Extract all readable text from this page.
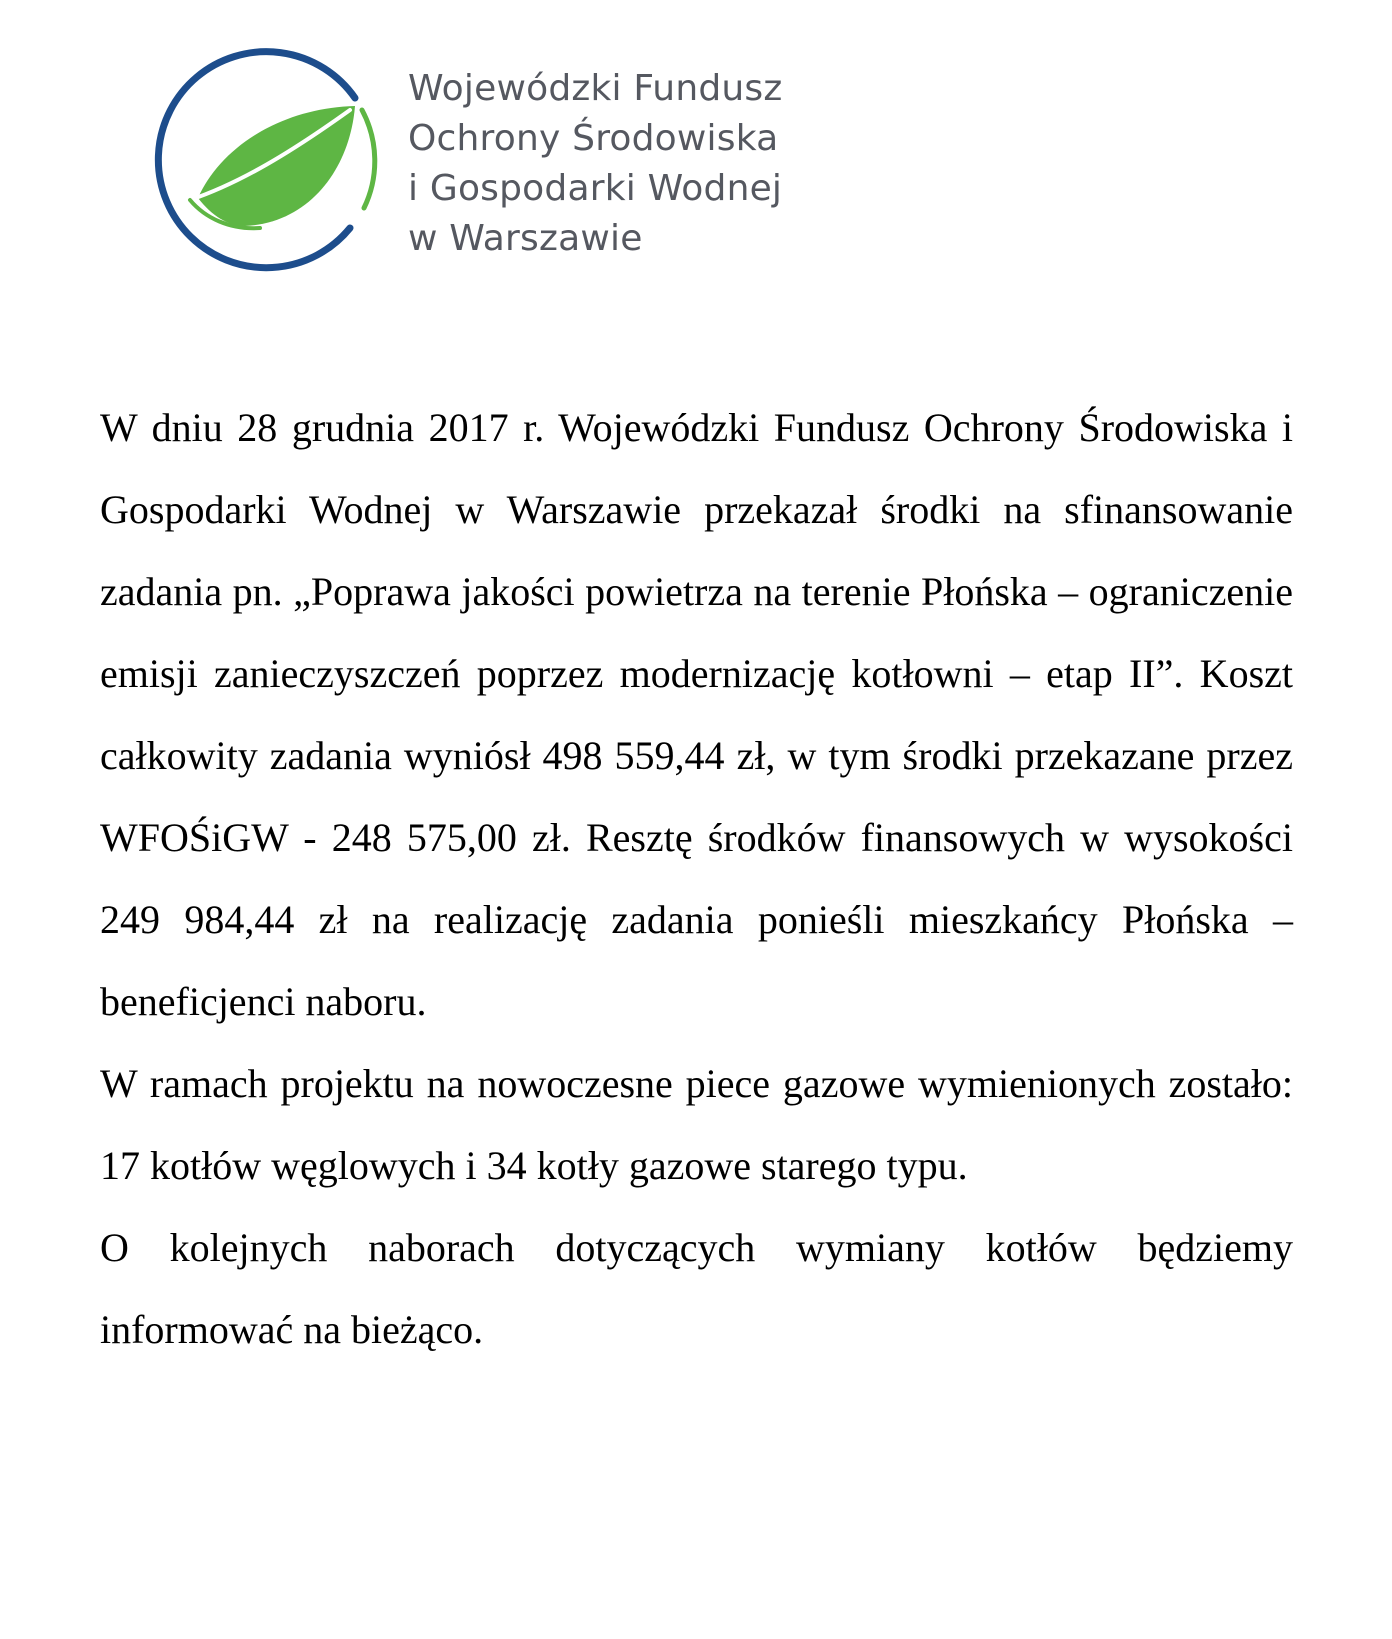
Wojewódzki Fundusz
Ochrony Środowiska
i Gospodarki Wodnej
w Warszawie

W dniu 28 grudnia 2017 r. Wojewódzki Fundusz Ochrony Środowiska i Gospodarki Wodnej w Warszawie przekazał środki na sfinansowanie zadania pn. „Poprawa jakości powietrza na terenie Płońska – ograniczenie emisji zanieczyszczeń poprzez modernizację kotłowni – etap II”. Koszt całkowity zadania wyniósł 498 559,44 zł, w tym środki przekazane przez WFOŚiGW - 248 575,00 zł. Resztę środków finansowych w wysokości 249 984,44 zł na realizację zadania ponieśli mieszkańcy Płońska – beneficjenci naboru.

W ramach projektu na nowoczesne piece gazowe wymienionych zostało: 17 kotłów węglowych i 34 kotły gazowe starego typu.

O kolejnych naborach dotyczących wymiany kotłów będziemy informować na bieżąco.
